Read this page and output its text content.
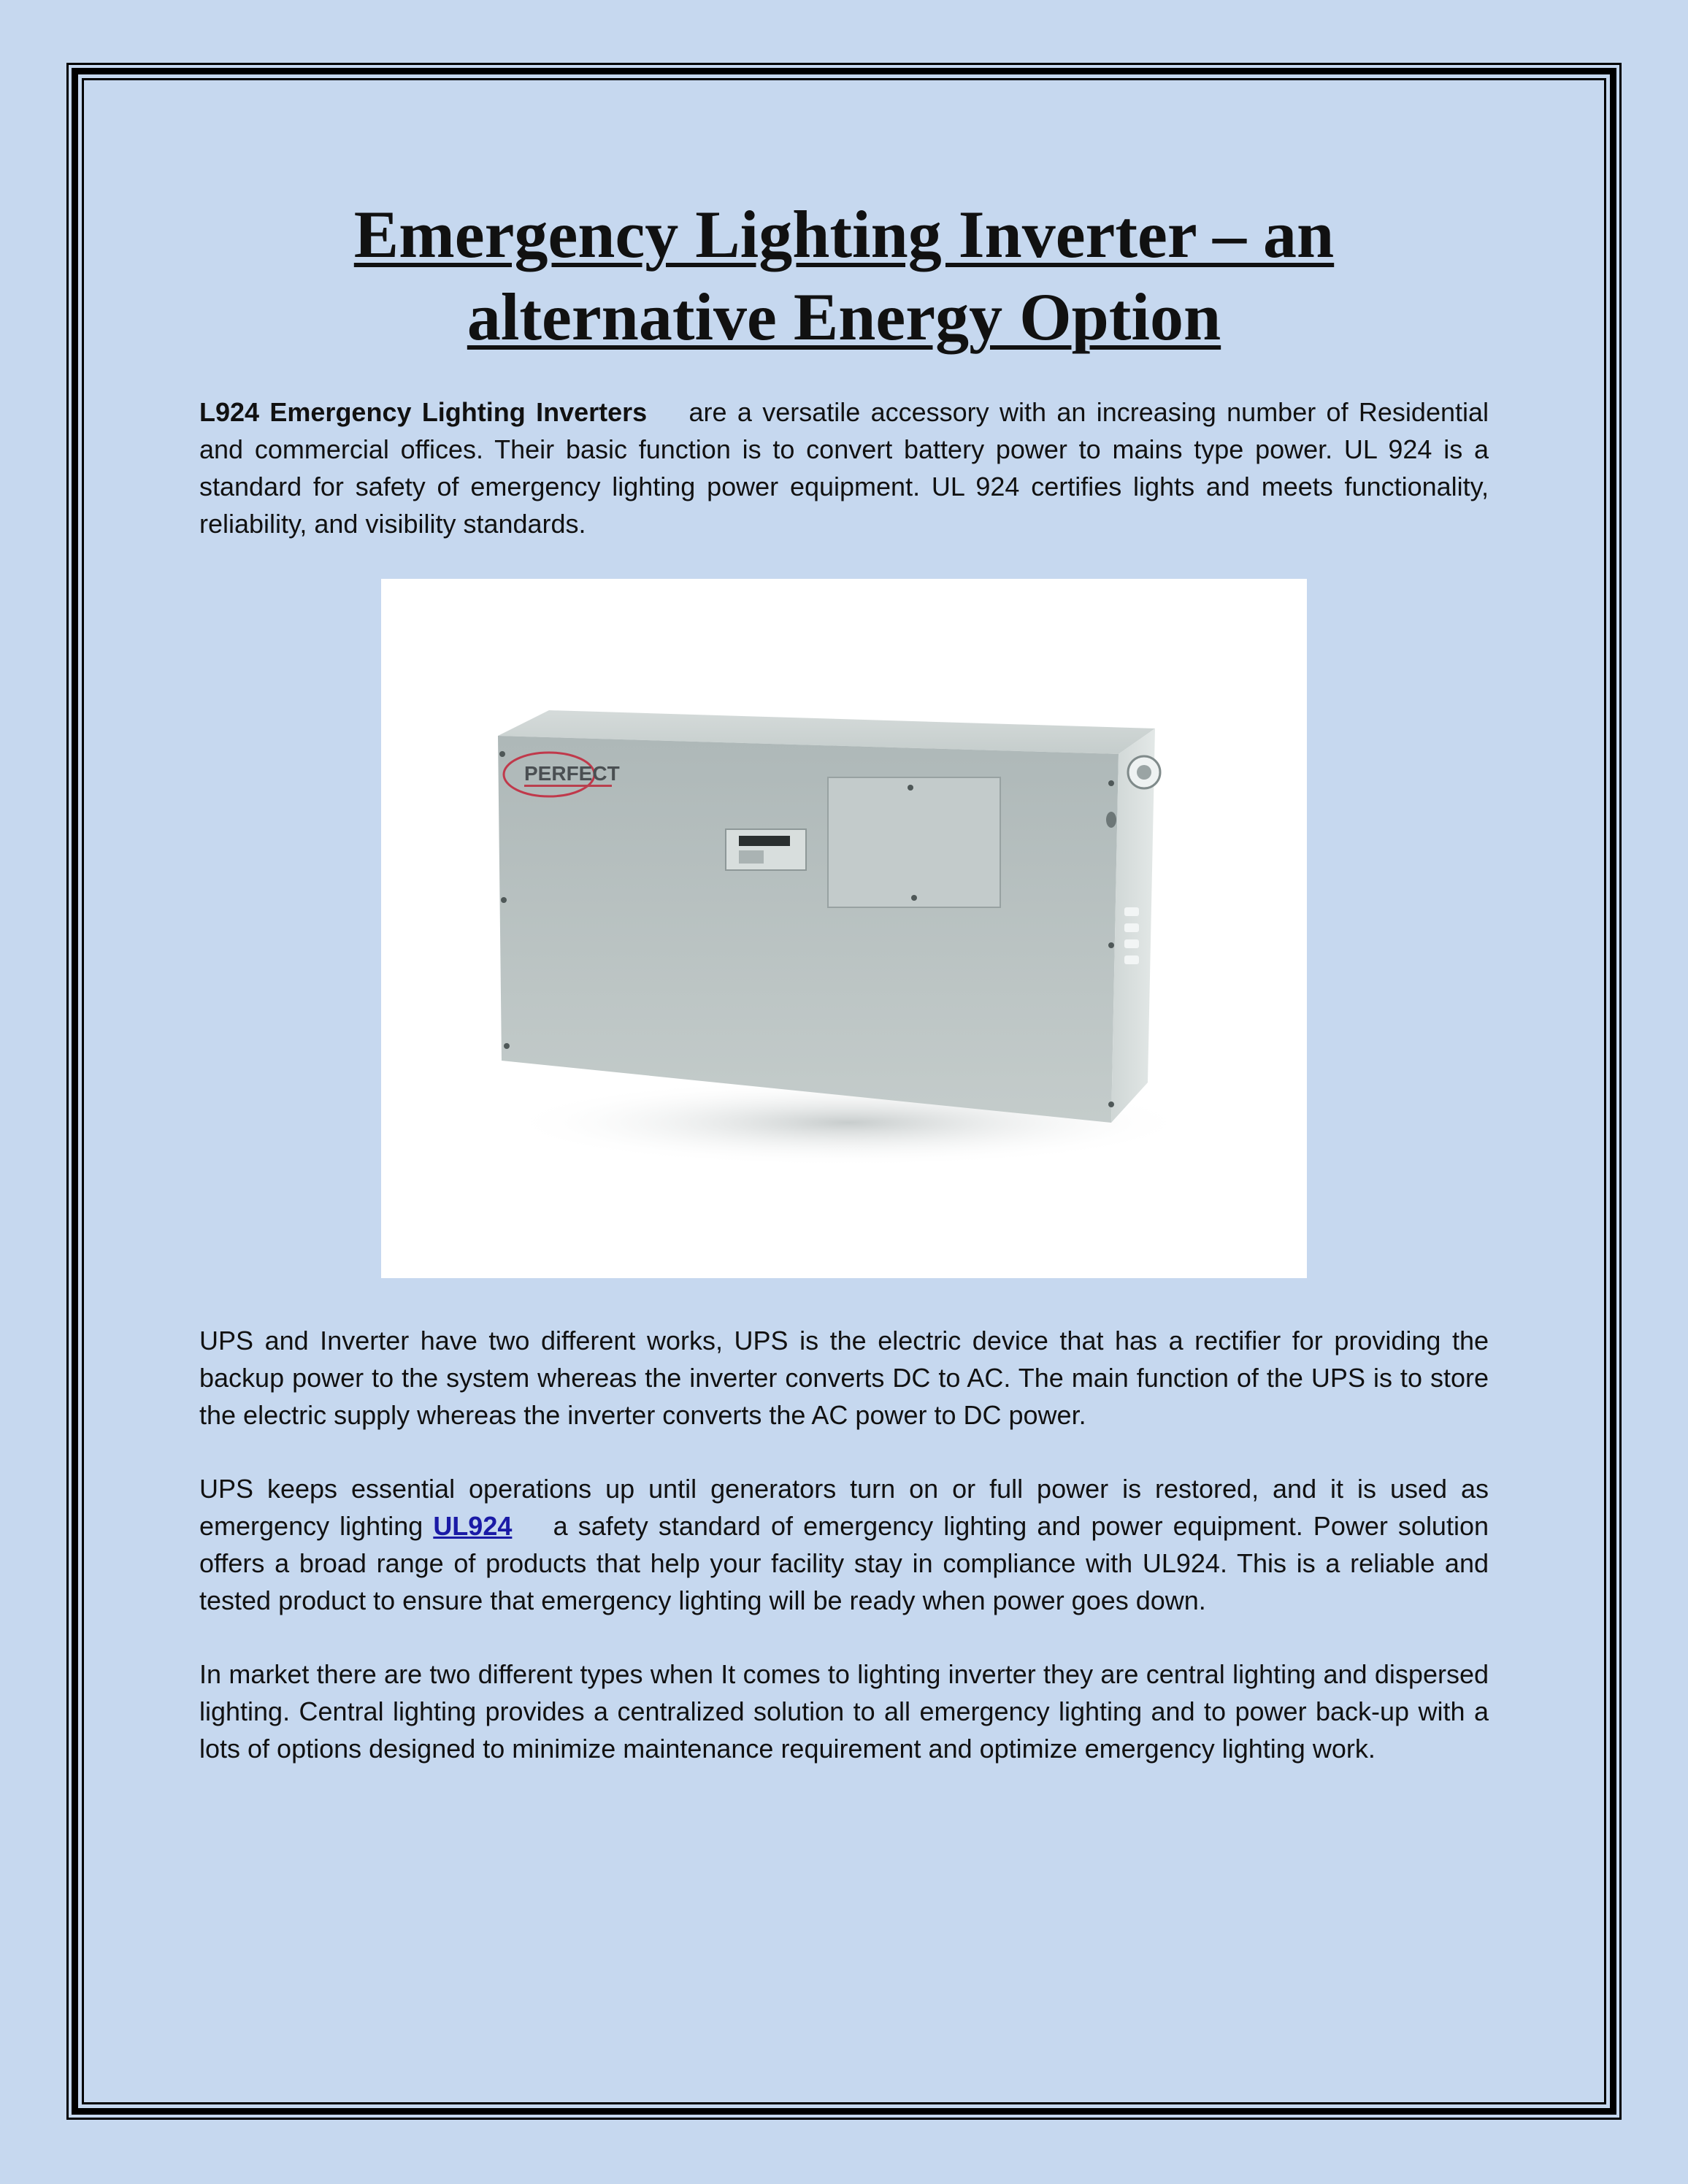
Emergency Lighting Inverter – an alternative Energy Option

L924 Emergency Lighting Inverters are a versatile accessory with an increasing number of Residential and commercial offices. Their basic function is to convert battery power to mains type power. UL 924 is a standard for safety of emergency lighting power equipment. UL 924 certifies lights and meets functionality, reliability, and visibility standards.

PERFECT

UPS and Inverter have two different works, UPS is the electric device that has a rectifier for providing the backup power to the system whereas the inverter converts DC to AC. The main function of the UPS is to store the electric supply whereas the inverter converts the AC power to DC power.

UPS keeps essential operations up until generators turn on or full power is restored, and it is used as emergency lighting UL924 a safety standard of emergency lighting and power equipment. Power solution offers a broad range of products that help your facility stay in compliance with UL924. This is a reliable and tested product to ensure that emergency lighting will be ready when power goes down.

In market there are two different types when It comes to lighting inverter they are central lighting and dispersed lighting. Central lighting provides a centralized solution to all emergency lighting and to power back-up with a lots of options designed to minimize maintenance requirement and optimize emergency lighting work.
